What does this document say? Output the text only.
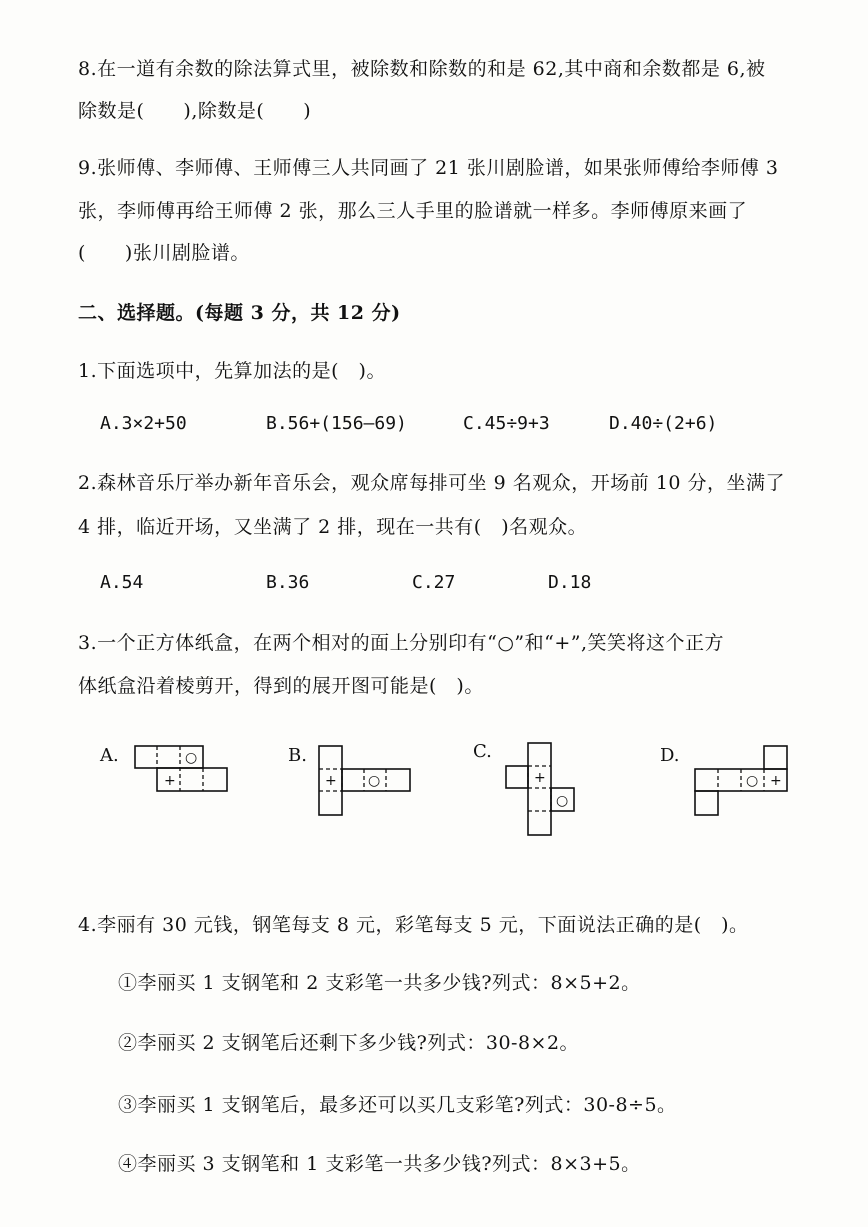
8.在一道有余数的除法算式里，被除数和除数的和是 62,其中商和余数都是 6,被
除数是(　　),除数是(　　)
9.张师傅、李师傅、王师傅三人共同画了 21 张川剧脸谱，如果张师傅给李师傅 3
张，李师傅再给王师傅 2 张，那么三人手里的脸谱就一样多。李师傅原来画了
(　　)张川剧脸谱。
二、选择题。(每题 3 分，共 12 分)
1.下面选项中，先算加法的是(　)。
A.3×2+50	B.56+(156—69)	C.45÷9+3	D.40÷(2+6)
2.森林音乐厅举办新年音乐会，观众席每排可坐 9 名观众，开场前 10 分，坐满了
4 排，临近开场，又坐满了 2 排，现在一共有(　)名观众。
A.54	B.36	C.27	D.18
3.一个正方体纸盒，在两个相对的面上分别印有“○”和“+”,笑笑将这个正方
体纸盒沿着棱剪开，得到的展开图可能是(　)。
A.	B.	C.	D.
○
+	+ ○	+
○
○ +
4.李丽有 30 元钱，钢笔每支 8 元，彩笔每支 5 元，下面说法正确的是(　)。
①李丽买 1 支钢笔和 2 支彩笔一共多少钱?列式：8×5+2。
②李丽买 2 支钢笔后还剩下多少钱?列式：30-8×2。
③李丽买 1 支钢笔后，最多还可以买几支彩笔?列式：30-8÷5。
④李丽买 3 支钢笔和 1 支彩笔一共多少钱?列式：8×3+5。
